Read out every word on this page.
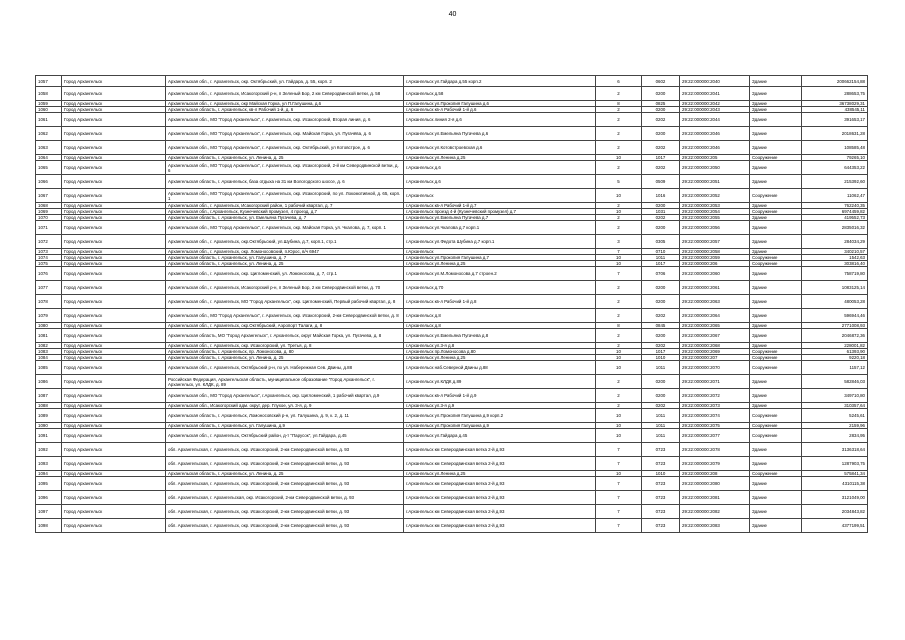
40
1057	Город Архангельск	Архангельская обл., г. Архангельск, окр. Октябрьский, ул. Гайдара, д. 55, корп. 2	г.Архангельск ул.Гайдара д.55 корп.2	6	0602	29:22:000000:2040	Здание	200662154,88
1058	Город Архангельск	Архангельская обл., г. Архангельск, Исакогорский р-н, п Зеленый Бор, 2 км Северодвинской ветки, д. 58	г.Архангельск д.58	2	0200	29:22:000000:2041	Здание	288653,75
1059	Город Архангельск	Архангельская обл., г. Архангельск, окр Майская Горка, ул П.Галушина, д.6	г.Архангельск ул.Прокопия Галушина д.6	8	0825	29:22:000000:2042	Здание	36738029,31
1060	Город Архангельск	Архангельская область, г. Архангельск, кв-л Рабочий 1-й, д. 6	г.Архангельск кв-л Рабочий 1-й д.6	2	0200	29:22:000000:2043	Здание	438545,11
1061	Город Архангельск	Архангельская обл., МО "Город Архангельск", г. Архангельск, окр. Исакогорский, Вторая линия, д. 6	г.Архангельск линия 2-я д.6	2	0202	29:22:000000:2044	Здание	391653,17
1062	Город Архангельск	Архангельская обл., МО "Город Архангельск", г. Архангельск, окр. Майская Горка, ул. Пугачёва, д. 6	г.Архангельск ул.Емельяна Пугачева д.6	2	0200	29:22:000000:2046	Здание	2018631,28
1063	Город Архангельск	Архангельская обл., МО "Город Архангельск", г. Архангельск, окр. Октябрьский, ул Котовстрое, д. 6	г.Архангельск ул.Котовстроевская д.6	2	0202	29:22:000000:2046	Здание	108585,48
1064	Город Архангельск	Архангельская область, г. Архангельск, ул. Ленина, д. 25	г.Архангельск ул.Ленина д.25	10	1017	29:22:000000:205	Сооружение	79265,10
1065	Город Архангельск	Архангельская обл., МО "Город Архангельск", г. Архангельск, окр. Исакогорский, 2-й км Северодвинской ветки, д. 6	г.Архангельск д.6	2	0202	29:22:000000:2050	Здание	644353,22
1066	Город Архангельск	Архангельская область, г. Архангельск, база отдыха на 31 км Вологодского шоссе, д. 6	г.Архангельск д.6	5	0509	29:22:000000:2051	Здание	215392,60
1067	Город Архангельск	Архангельская обл., МО "Город Архангельск", г. Архангельск, окр. Исакогорский, по ул. Локомотивной, д. 65, корп. 1	г.Архангельск	10	1016	29:22:000000:2052	Сооружение	11062,47
1068	Город Архангельск	Архангельская обл., г. Архангельск, Исакогорский район, 1 рабочий квартал, д. 7	г.Архангельск кв-л Рабочий 1-й д.7	2	0200	29:22:000000:2053	Здание	762240,35
1069	Город Архангельск	Архангельская обл., г.Архангельск, Кузнечевский промузел, 4 проезд, д.7	г.Архангельск проезд 4-й (Кузнечевский промузел) д.7	10	1031	29:22:000000:2054	Сооружение	6974459,82
1070	Город Архангельск	Архангельская область, г. Архангельск, ул. Емельяна Пугачева, д. 7	г.Архангельск ул.Емельяна Пугачева д.7	2	0202	29:22:000000:2055	Здание	419552,73
1071	Город Архангельск	Архангельская обл., МО "Город Архангельск", г. Архангельск, окр. Майская Горка, ул. Чкалова, д. 7, корп. 1	г.Архангельск ул.Чкалова д.7 корп.1	2	0200	29:22:000000:2056	Здание	2835016,32
1072	Город Архангельск	Архангельская обл., г. Архангельск, окр.Октябрьский, ул.Шубина, д.7, корп.1, стр.1	г.Архангельск ул.Федота Шубина д.7 корп.1	3	0305	29:22:000000:2057	Здание	284034,29
1073	Город Архангельск	Архангельская обл., г. Архангельск, окр. Ломоносовский, п.Юрос, в/ч 6947	г.Архангельск	7	0710	29:22:000000:2058	Здание	340210,57
1074	Город Архангельск	Архангельская область, г. Архангельск, ул. Галушина, д. 7	г.Архангельск ул.Прокопия Галушина д.7	10	1011	29:22:000000:2059	Сооружение	1542,63
1075	Город Архангельск	Архангельская область, г. Архангельск, ул. Ленина, д. 25	г.Архангельск ул.Ленина д.25	10	1017	29:22:000000:206	Сооружение	303816,40
1076	Город Архангельск	Архангельская обл., г. Архангельск, окр. Цигломенский, ул. Ломоносова, д. 7, стр.1	г.Архангельск ул.М.Ломоносова д.7 строен.2	7	0706	29:22:000000:2060	Здание	758719,80
1077	Город Архангельск	Архангельская обл., г. Архангельск, Исакогорский р-н, п Зеленый Бор, 2 км Северодвинской ветки, д. 70	г.Архангельск д.70	2	0200	29:22:000000:2061	Здание	1083125,14
1078	Город Архангельск	Архангельская обл., г. Архангельск, МО "Город Архангельск", окр. Цигломенский, Первый рабочий квартал, д. 8	г.Архангельск кв-л Рабочий 1-й д.8	2	0200	29:22:000000:2063	Здание	480053,28
1079	Город Архангельск	Архангельская обл., МО "Город Архангельск", г. Архангельск, окр. Исакогорский, 2-км Северодвинской ветки, д. 8	г.Архангельск д.8	2	0202	29:22:000000:2064	Здание	596944,46
1080	Город Архангельск	Архангельская обл., г. Архангельск, окр.Октябрьский, Аэропорт Талаги, д. 8	г.Архангельск д.8	8	0845	29:22:000000:2065	Здание	2771008,93
1081	Город Архангельск	Архангельская область, МО "Город Архангельск", г. Архангельск, округ Майская Горка, ул. Пугачева, д. 8	г.Архангельск ул.Емельяна Пугачева д.8	2	0200	29:22:000000:2067	Здание	2046872,36
1082	Город Архангельск	Архангельская обл., г. Архангельск, окр. Исакогорский, ул. Третья, д. 8	г.Архангельск ул.3-я д.8	2	0202	29:22:000000:2068	Здание	228001,82
1083	Город Архангельск	Архангельская область, г. Архангельск, пр. Ломоносова, д. 80	г.Архангельск пр.Ломоносова д.80	10	1017	29:22:000000:2069	Сооружение	61393,90
1084	Город Архангельск	Архангельская область, г. Архангельск, ул. Ленина, д. 25	г.Архангельск ул.Ленина д.25	10	1010	29:22:000000:207	Сооружение	9220,18
1085	Город Архангельск	Архангельская обл., г. Архангельск, Октябрьский р-н, по ул. Набережная Сев. Двины, д.88	г.Архангельск наб.Северной Двины д.88	10	1011	29:22:000000:2070	Сооружение	1157,12
1086	Город Архангельск	Российская Федерация, Архангельская область, муниципальное образование "Город Архангельск", г. Архангельск, ул. КЛДК, д. 89	г.Архангельск ул.КЛДК д.89	2	0200	29:22:000000:2071	Здание	582846,03
1087	Город Архангельск	Архангельская обл., МО "Город Архангельск", г.Архангельск, окр. Цигломенский, 1 рабочий квартал, д.9	г.Архангельск кв-л Рабочий 1-й д.9	2	0200	29:22:000000:2072	Здание	349710,80
1088	Город Архангельск	Архангельская обл., Исакогорский адм. округ, дер. Глухое, ул. 3-я, д. 9	г.Архангельск ул.3-я д.9	2	0202	29:22:000000:2073	Здание	310357,64
1089	Город Архангельск	Архангельская область, г. Архангельск, Ломоносовский р-н, ул. Галушина, д. 9, к. 2, д. 11	г.Архангельск ул.Прокопия Галушина д.9 корп.2	10	1011	29:22:000000:2074	Сооружение	5245,61
1090	Город Архангельск	Архангельская область, г. Архангельск, ул. Галушина, д.9	г.Архангельск ул.Прокопия Галушина д.9	10	1011	29:22:000000:2075	Сооружение	2159,96
1091	Город Архангельск	Архангельская обл., г. Архангельск, Октябрьский район, д-т "Парусок", ул.Гайдара, д.45	г.Архангельск ул.Гайдара д.45	10	1011	29:22:000000:2077	Сооружение	2834,95
1092	Город Архангельск	обл. Архангельская, г. Архангельск, окр. Исакогорский, 2-км Северодвинской ветки, д. 93	г.Архангельск км Северодвинская ветка 2-й д.93	7	0723	29:22:000000:2078	Здание	3136318,64
1093	Город Архангельск	обл. Архангельская, г. Архангельск, окр. Исакогорский, 2-км Северодвинской ветки, д. 93	г.Архангельск км Северодвинская ветка 2-й д.93	7	0723	29:22:000000:2079	Здание	1287903,75
1094	Город Архангельск	Архангельская область, г. Архангельск, ул. Ленина, д. 25	г.Архангельск ул.Ленина д.25	10	1010	29:22:000000:208	Сооружение	575841,34
1095	Город Архангельск	обл. Архангельская, г. Архангельск, окр. Исакогорский, 2-км Северодвинской ветки, д. 93	г.Архангельск км Северодвинская ветка 2-й д.93	7	0723	29:22:000000:2080	Здание	4310115,38
1096	Город Архангельск	обл. Архангельская, г. Архангельская, окр. Исакогорский, 2-км Северодвинской ветки, д. 93	г.Архангельск км Северодвинская ветка 2-й д.93	7	0723	29:22:000000:2081	Здание	3121049,00
1097	Город Архангельск	обл. Архангельская, г. Архангельск, окр. Исакогорский, 2-км Северодвинской ветки, д. 93	г.Архангельск км Северодвинская ветка 2-й д.93	7	0723	29:22:000000:2082	Здание	2034843,82
1098	Город Архангельск	обл. Архангельская, г. Архангельск, окр. Исакогорский, 2-км Северодвинской ветки, д. 93	г.Архангельск км Северодвинская ветка 2-й д.93	7	0723	29:22:000000:2083	Здание	4377199,51
